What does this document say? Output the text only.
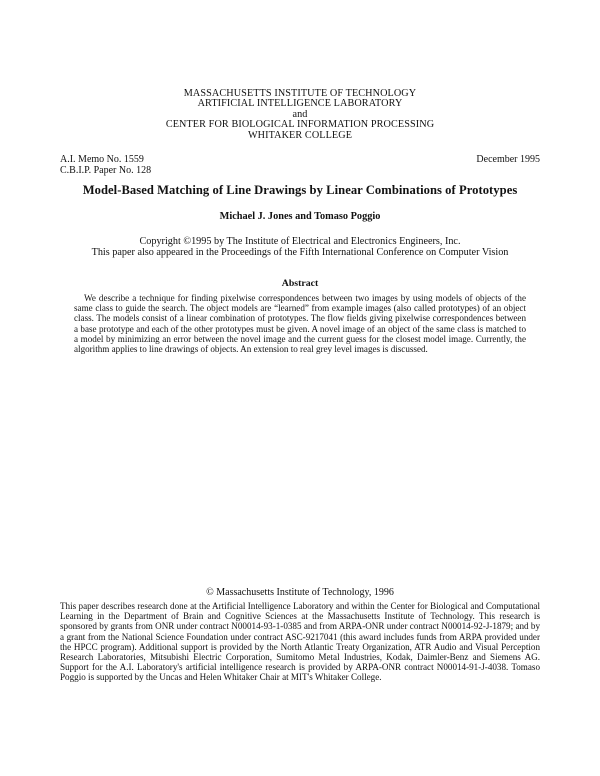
MASSACHUSETTS INSTITUTE OF TECHNOLOGY
ARTIFICIAL INTELLIGENCE LABORATORY
and
CENTER FOR BIOLOGICAL INFORMATION PROCESSING
WHITAKER COLLEGE
A.I. Memo No. 1559
C.B.I.P. Paper No. 128
December 1995
Model-Based Matching of Line Drawings by Linear Combinations of Prototypes
Michael J. Jones and Tomaso Poggio
Copyright ©1995 by The Institute of Electrical and Electronics Engineers, Inc.
This paper also appeared in the Proceedings of the Fifth International Conference on Computer Vision
Abstract
We describe a technique for finding pixelwise correspondences between two images by using models of objects of the same class to guide the search. The object models are “learned” from example images (also called prototypes) of an object class. The models consist of a linear combination of prototypes. The flow fields giving pixelwise correspondences between a base prototype and each of the other prototypes must be given. A novel image of an object of the same class is matched to a model by minimizing an error between the novel image and the current guess for the closest model image. Currently, the algorithm applies to line drawings of objects. An extension to real grey level images is discussed.
© Massachusetts Institute of Technology, 1996
This paper describes research done at the Artificial Intelligence Laboratory and within the Center for Biological and Computational Learning in the Department of Brain and Cognitive Sciences at the Massachusetts Institute of Technology. This research is sponsored by grants from ONR under contract N00014-93-1-0385 and from ARPA-ONR under contract N00014-92-J-1879; and by a grant from the National Science Foundation under contract ASC-9217041 (this award includes funds from ARPA provided under the HPCC program). Additional support is provided by the North Atlantic Treaty Organization, ATR Audio and Visual Perception Research Laboratories, Mitsubishi Electric Corporation, Sumitomo Metal Industries, Kodak, Daimler-Benz and Siemens AG. Support for the A.I. Laboratory's artificial intelligence research is provided by ARPA-ONR contract N00014-91-J-4038. Tomaso Poggio is supported by the Uncas and Helen Whitaker Chair at MIT's Whitaker College.
